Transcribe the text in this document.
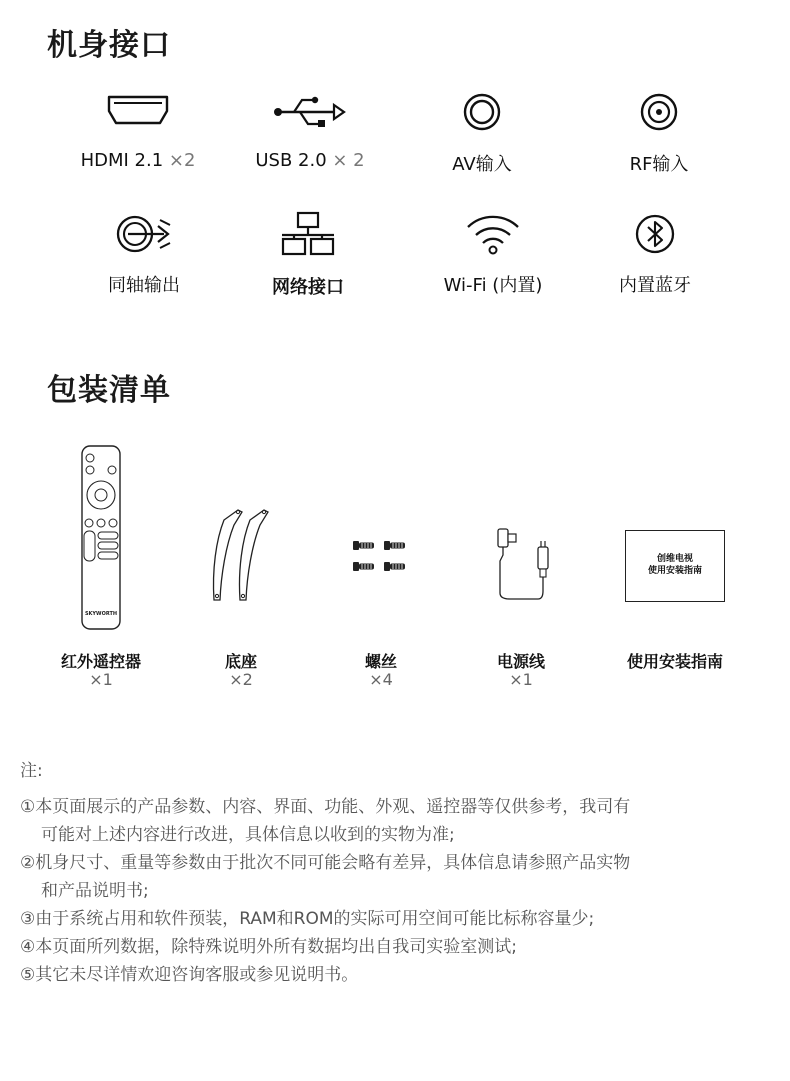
机身接口
HDMI 2.1 ×2	USB 2.0 × 2	AV输入	RF输入
同轴输出	网络接口	Wi-Fi (内置)	内置蓝牙
包装清单
SKYWORTH
红外遥控器
×1
底座
×2
螺丝
×4
电源线
×1
创维电视
使用安装指南
使用安装指南

注:

①本页面展示的产品参数、内容、界面、功能、外观、遥控器等仅供参考，我司有

可能对上述内容进行改进，具体信息以收到的实物为准;

②机身尺寸、重量等参数由于批次不同可能会略有差异，具体信息请参照产品实物

和产品说明书;

③由于系统占用和软件预装，RAM和ROM的实际可用空间可能比标称容量少;

④本页面所列数据，除特殊说明外所有数据均出自我司实验室测试;

⑤其它未尽详情欢迎咨询客服或参见说明书。
